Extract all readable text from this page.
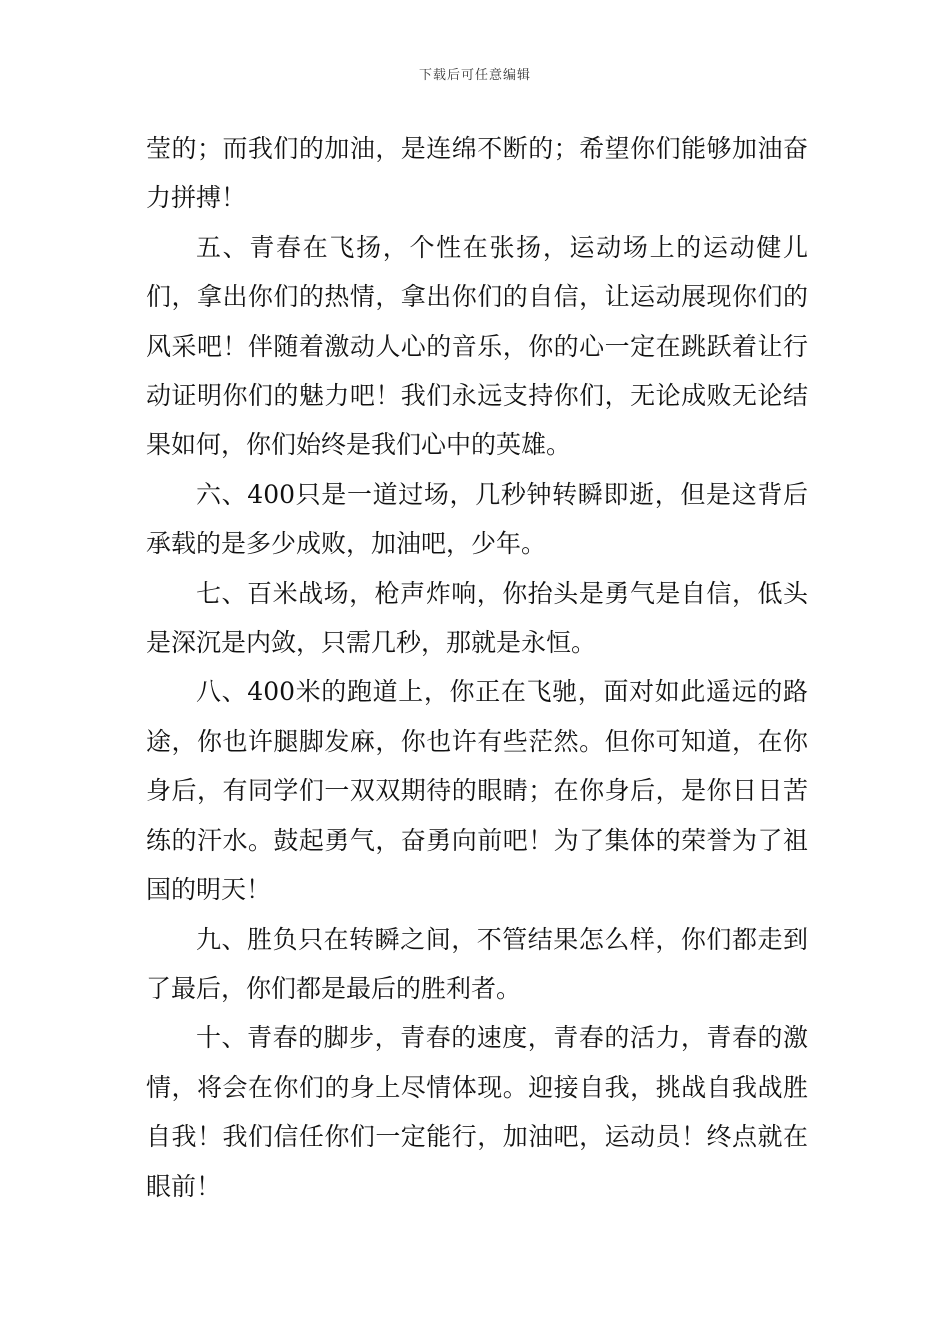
下载后可任意编辑

莹的；而我们的加油，是连绵不断的；希望你们能够加油奋力拼搏！

五、青春在飞扬，个性在张扬，运动场上的运动健儿们，拿出你们的热情，拿出你们的自信，让运动展现你们的风采吧！伴随着激动人心的音乐，你的心一定在跳跃着让行动证明你们的魅力吧！我们永远支持你们，无论成败无论结果如何，你们始终是我们心中的英雄。

六、400只是一道过场，几秒钟转瞬即逝，但是这背后承载的是多少成败，加油吧，少年。

七、百米战场，枪声炸响，你抬头是勇气是自信，低头是深沉是内敛，只需几秒，那就是永恒。

八、400米的跑道上，你正在飞驰，面对如此遥远的路途，你也许腿脚发麻，你也许有些茫然。但你可知道，在你身后，有同学们一双双期待的眼睛；在你身后，是你日日苦练的汗水。鼓起勇气，奋勇向前吧！为了集体的荣誉为了祖国的明天！

九、胜负只在转瞬之间，不管结果怎么样，你们都走到了最后，你们都是最后的胜利者。

十、青春的脚步，青春的速度，青春的活力，青春的激情，将会在你们的身上尽情体现。迎接自我，挑战自我战胜自我！我们信任你们一定能行，加油吧，运动员！终点就在眼前！
